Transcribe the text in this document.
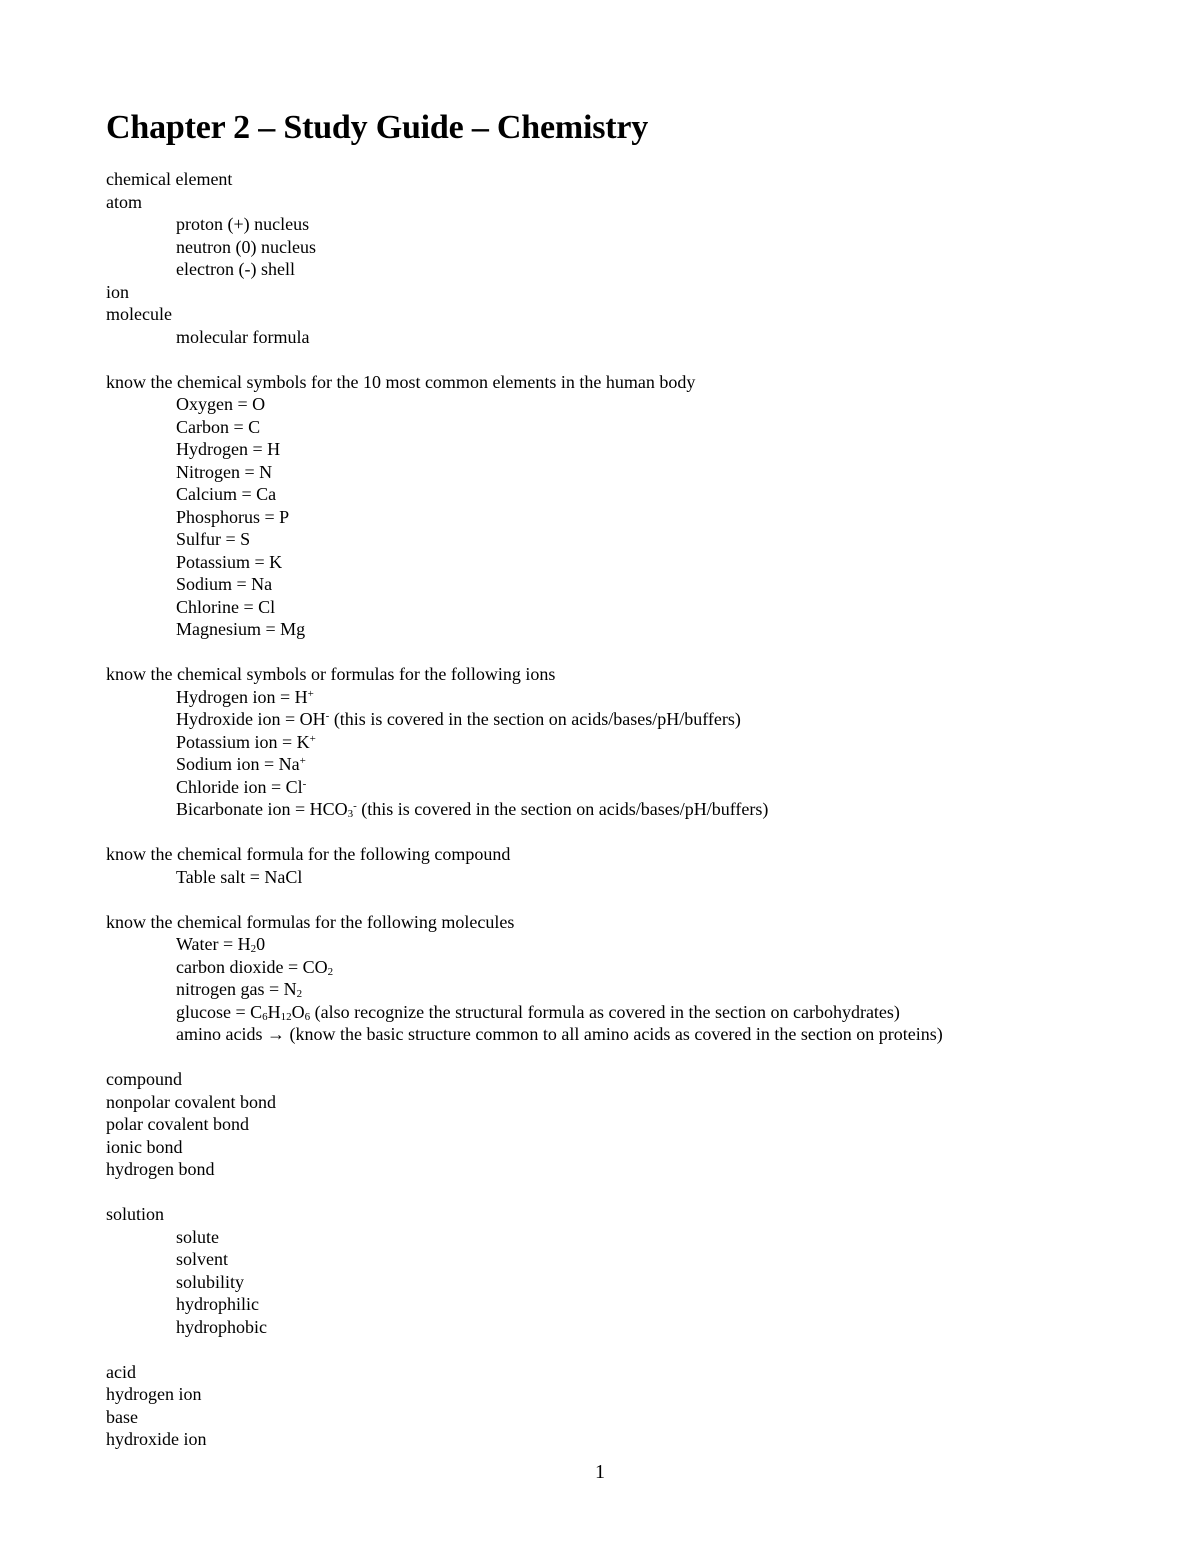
Chapter 2 – Study Guide – Chemistry
chemical element
atom
proton (+) nucleus
neutron (0) nucleus
electron (-) shell
ion
molecule
molecular formula
know the chemical symbols for the 10 most common elements in the human body
Oxygen = O
Carbon = C
Hydrogen = H
Nitrogen = N
Calcium = Ca
Phosphorus = P
Sulfur = S
Potassium = K
Sodium = Na
Chlorine = Cl
Magnesium = Mg
know the chemical symbols or formulas for the following ions
Hydrogen ion = H+
Hydroxide ion = OH- (this is covered in the section on acids/bases/pH/buffers)
Potassium ion = K+
Sodium ion = Na+
Chloride ion = Cl-
Bicarbonate ion = $HCO_3^-$ (this is covered in the section on acids/bases/pH/buffers)
know the chemical formula for the following compound
Table salt = NaCl
know the chemical formulas for the following molecules
Water = $H_20$
carbon dioxide = $CO_2$
nitrogen gas = $N_2$
$glucose = C_6H_{12}O_6$ (also recognize the structural formula as covered in the section on carbohydrates)
amino acids → (know the basic structure common to all amino acids as covered in the section on proteins)
compound
nonpolar covalent bond
polar covalent bond
ionic bond
hydrogen bond
solution
solute
solvent
solubility
hydrophilic
hydrophobic
acid
hydrogen ion
base
hydroxide ion
1
